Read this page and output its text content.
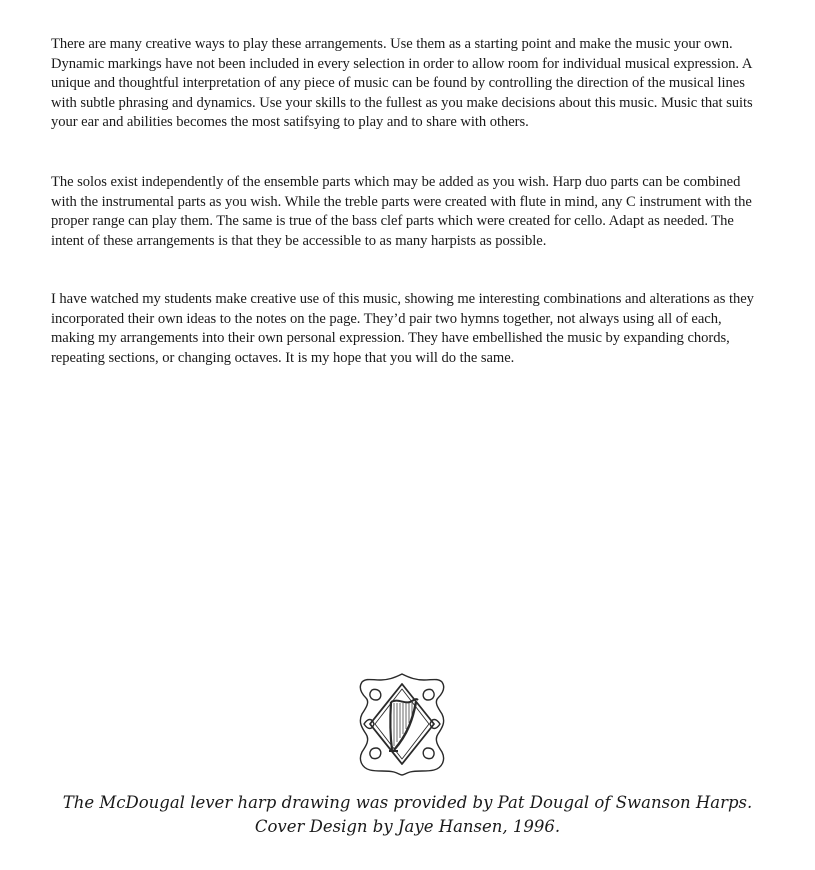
There are many creative ways to play these arrangements. Use them as a starting point and make the music your own. Dynamic markings have not been included in every selection in order to allow room for individual musical expression. A unique and thoughtful interpretation of any piece of music can be found by controlling the direction of the musical lines with subtle phrasing and dynamics. Use your skills to the fullest as you make decisions about this music. Music that suits your ear and abilities becomes the most satifsying to play and to share with others.

The solos exist independently of the ensemble parts which may be added as you wish. Harp duo parts can be combined with the instrumental parts as you wish. While the treble parts were created with flute in mind, any C instrument with the proper range can play them. The same is true of the bass clef parts which were created for cello. Adapt as needed. The intent of these arrangements is that they be accessible to as many harpists as possible.

I have watched my students make creative use of this music, showing me interesting combinations and alterations as they incorporated their own ideas to the notes on the page. They’d pair two hymns together, not always using all of each, making my arrangements into their own personal expression. They have embellished the music by expanding chords, repeating sections, or changing octaves. It is my hope that you will do the same.

The McDougal lever harp drawing was provided by Pat Dougal of Swanson Harps.

Cover Design by Jaye Hansen, 1996.
